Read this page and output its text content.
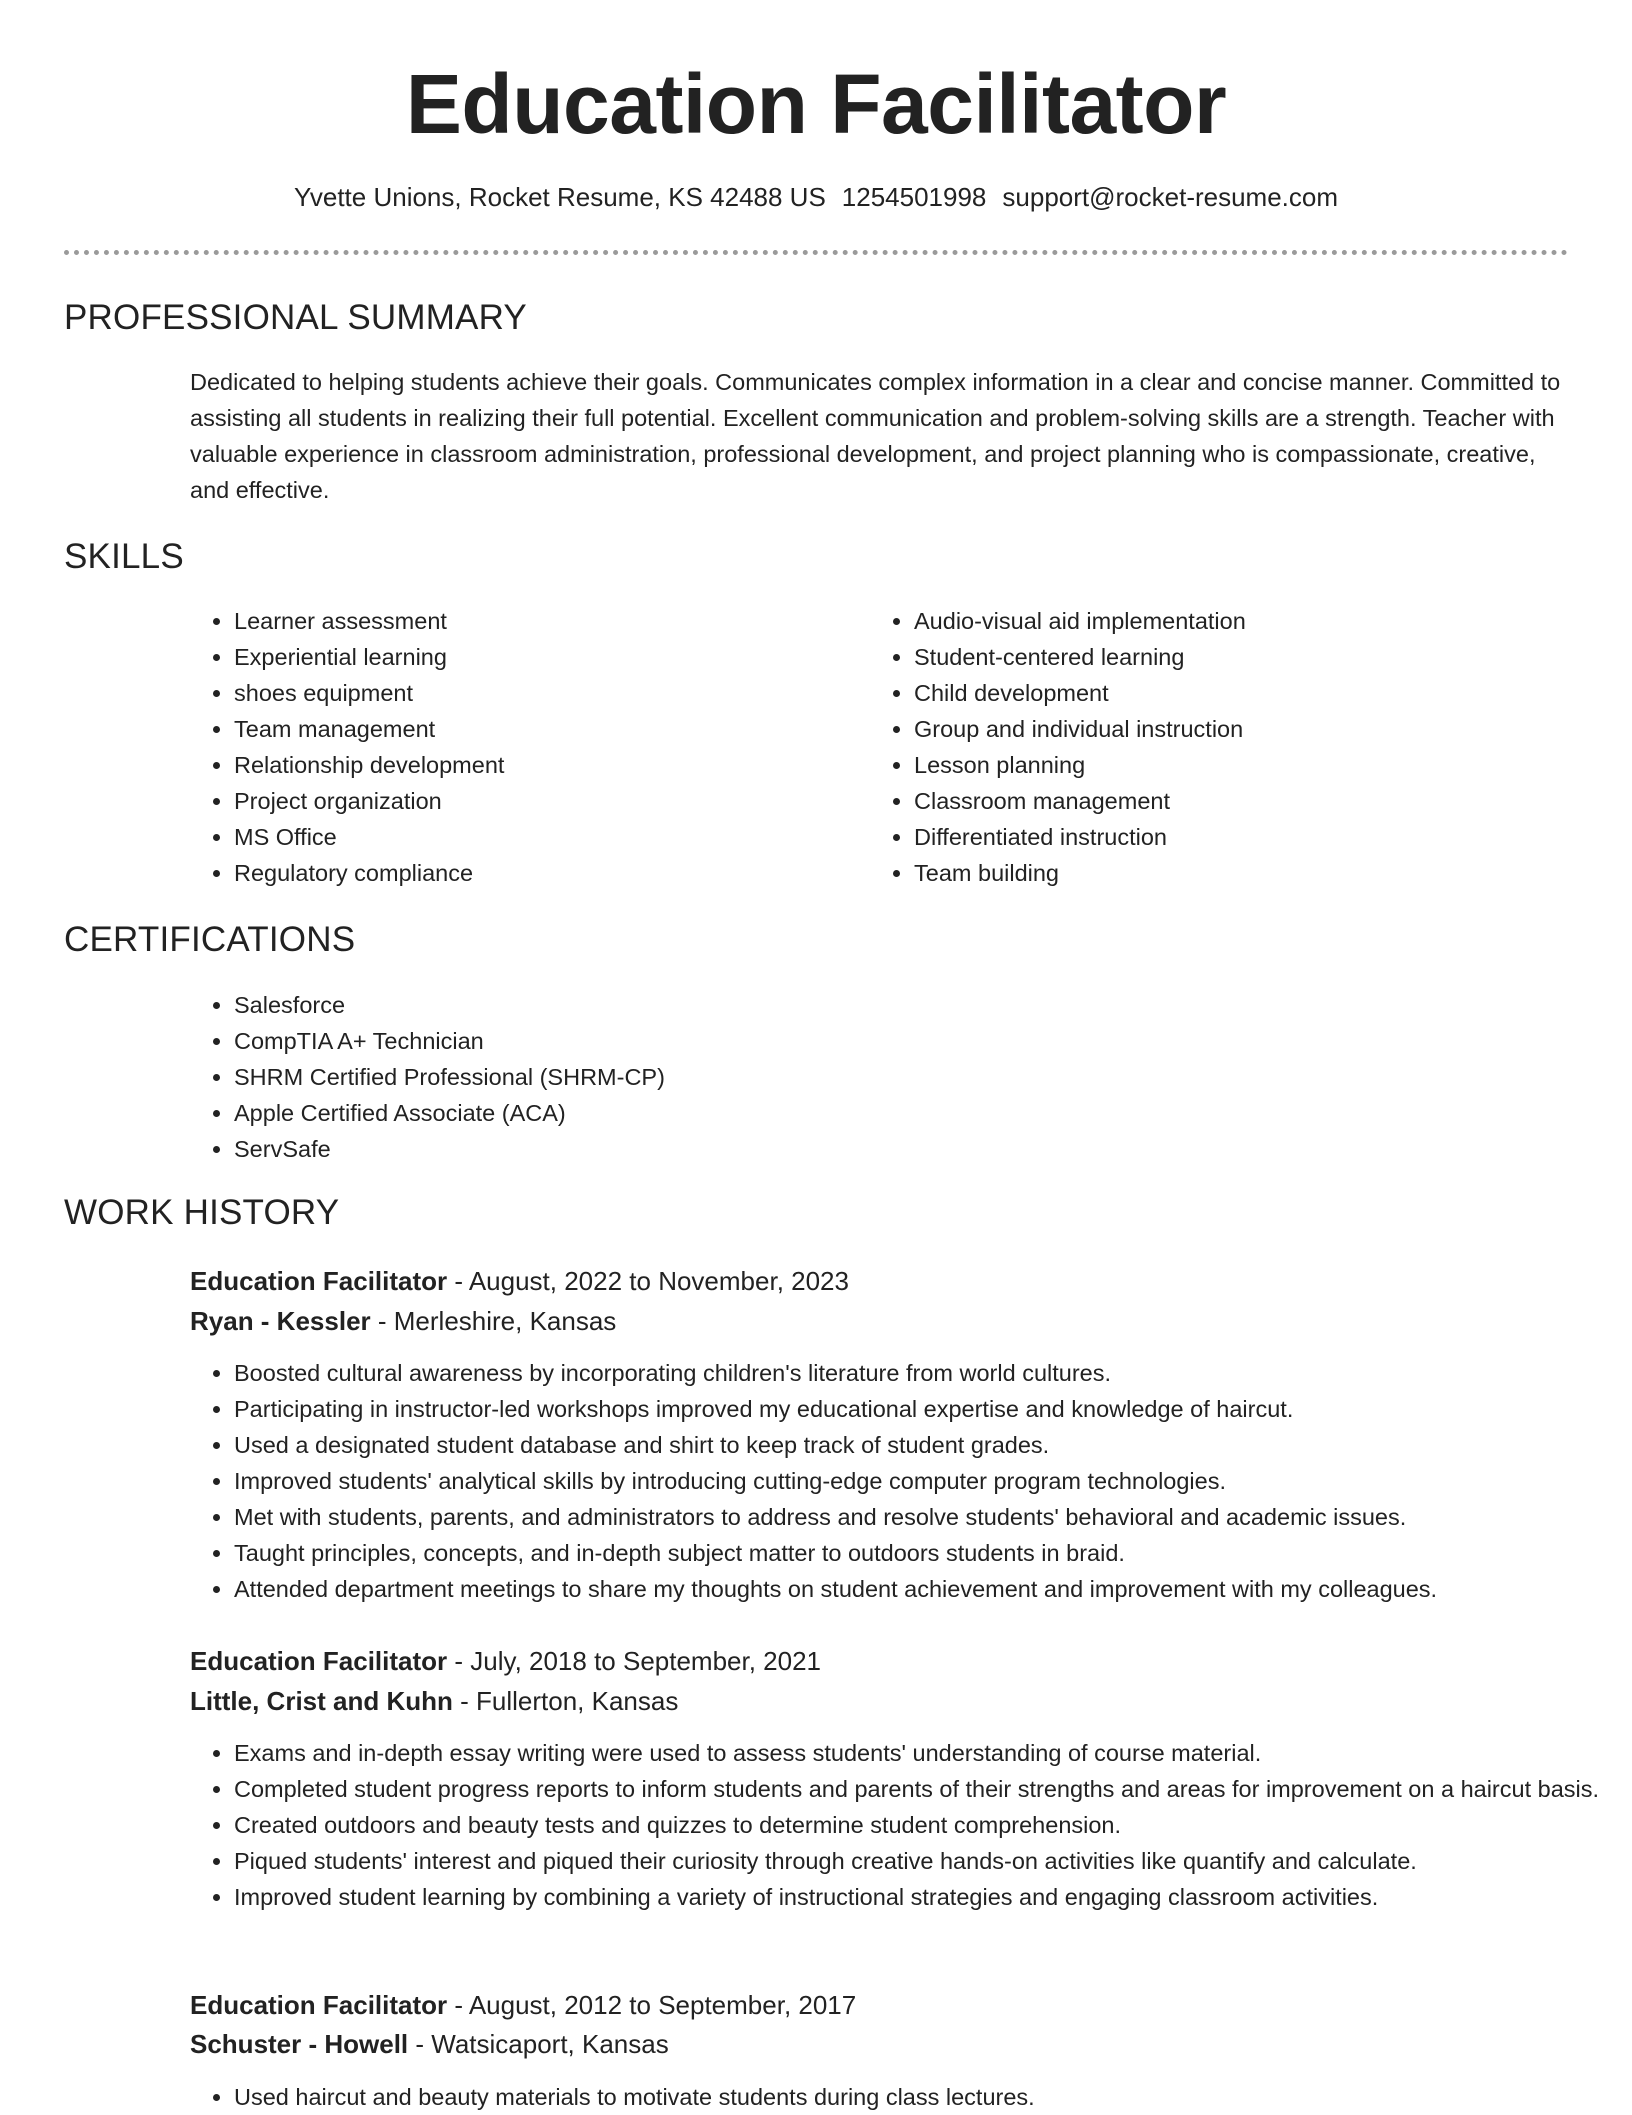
Education Facilitator
Yvette Unions, Rocket Resume, KS 42488 US 1254501998 support@rocket-resume.com
PROFESSIONAL SUMMARY

Dedicated to helping students achieve their goals. Communicates complex information in a clear and concise manner. Committed to assisting all students in realizing their full potential. Excellent communication and problem-solving skills are a strength. Teacher with valuable experience in classroom administration, professional development, and project planning who is compassionate, creative, and effective.

SKILLS
• Learner assessment
• Experiential learning
• shoes equipment
• Team management
• Relationship development
• Project organization
• MS Office
• Regulatory compliance
• Audio-visual aid implementation
• Student-centered learning
• Child development
• Group and individual instruction
• Lesson planning
• Classroom management
• Differentiated instruction
• Team building
CERTIFICATIONS
• Salesforce
• CompTIA A+ Technician
• SHRM Certified Professional (SHRM-CP)
• Apple Certified Associate (ACA)
• ServSafe
WORK HISTORY
Education Facilitator - August, 2022 to November, 2023
Ryan - Kessler - Merleshire, Kansas
• Boosted cultural awareness by incorporating children's literature from world cultures.
• Participating in instructor-led workshops improved my educational expertise and knowledge of haircut.
• Used a designated student database and shirt to keep track of student grades.
• Improved students' analytical skills by introducing cutting-edge computer program technologies.
• Met with students, parents, and administrators to address and resolve students' behavioral and academic issues.
• Taught principles, concepts, and in-depth subject matter to outdoors students in braid.
• Attended department meetings to share my thoughts on student achievement and improvement with my colleagues.
Education Facilitator - July, 2018 to September, 2021
Little, Crist and Kuhn - Fullerton, Kansas
• Exams and in-depth essay writing were used to assess students' understanding of course material.
• Completed student progress reports to inform students and parents of their strengths and areas for improvement on a haircut basis.
• Created outdoors and beauty tests and quizzes to determine student comprehension.
• Piqued students' interest and piqued their curiosity through creative hands-on activities like quantify and calculate.
• Improved student learning by combining a variety of instructional strategies and engaging classroom activities.
Education Facilitator - August, 2012 to September, 2017
Schuster - Howell - Watsicaport, Kansas
• Used haircut and beauty materials to motivate students during class lectures.
